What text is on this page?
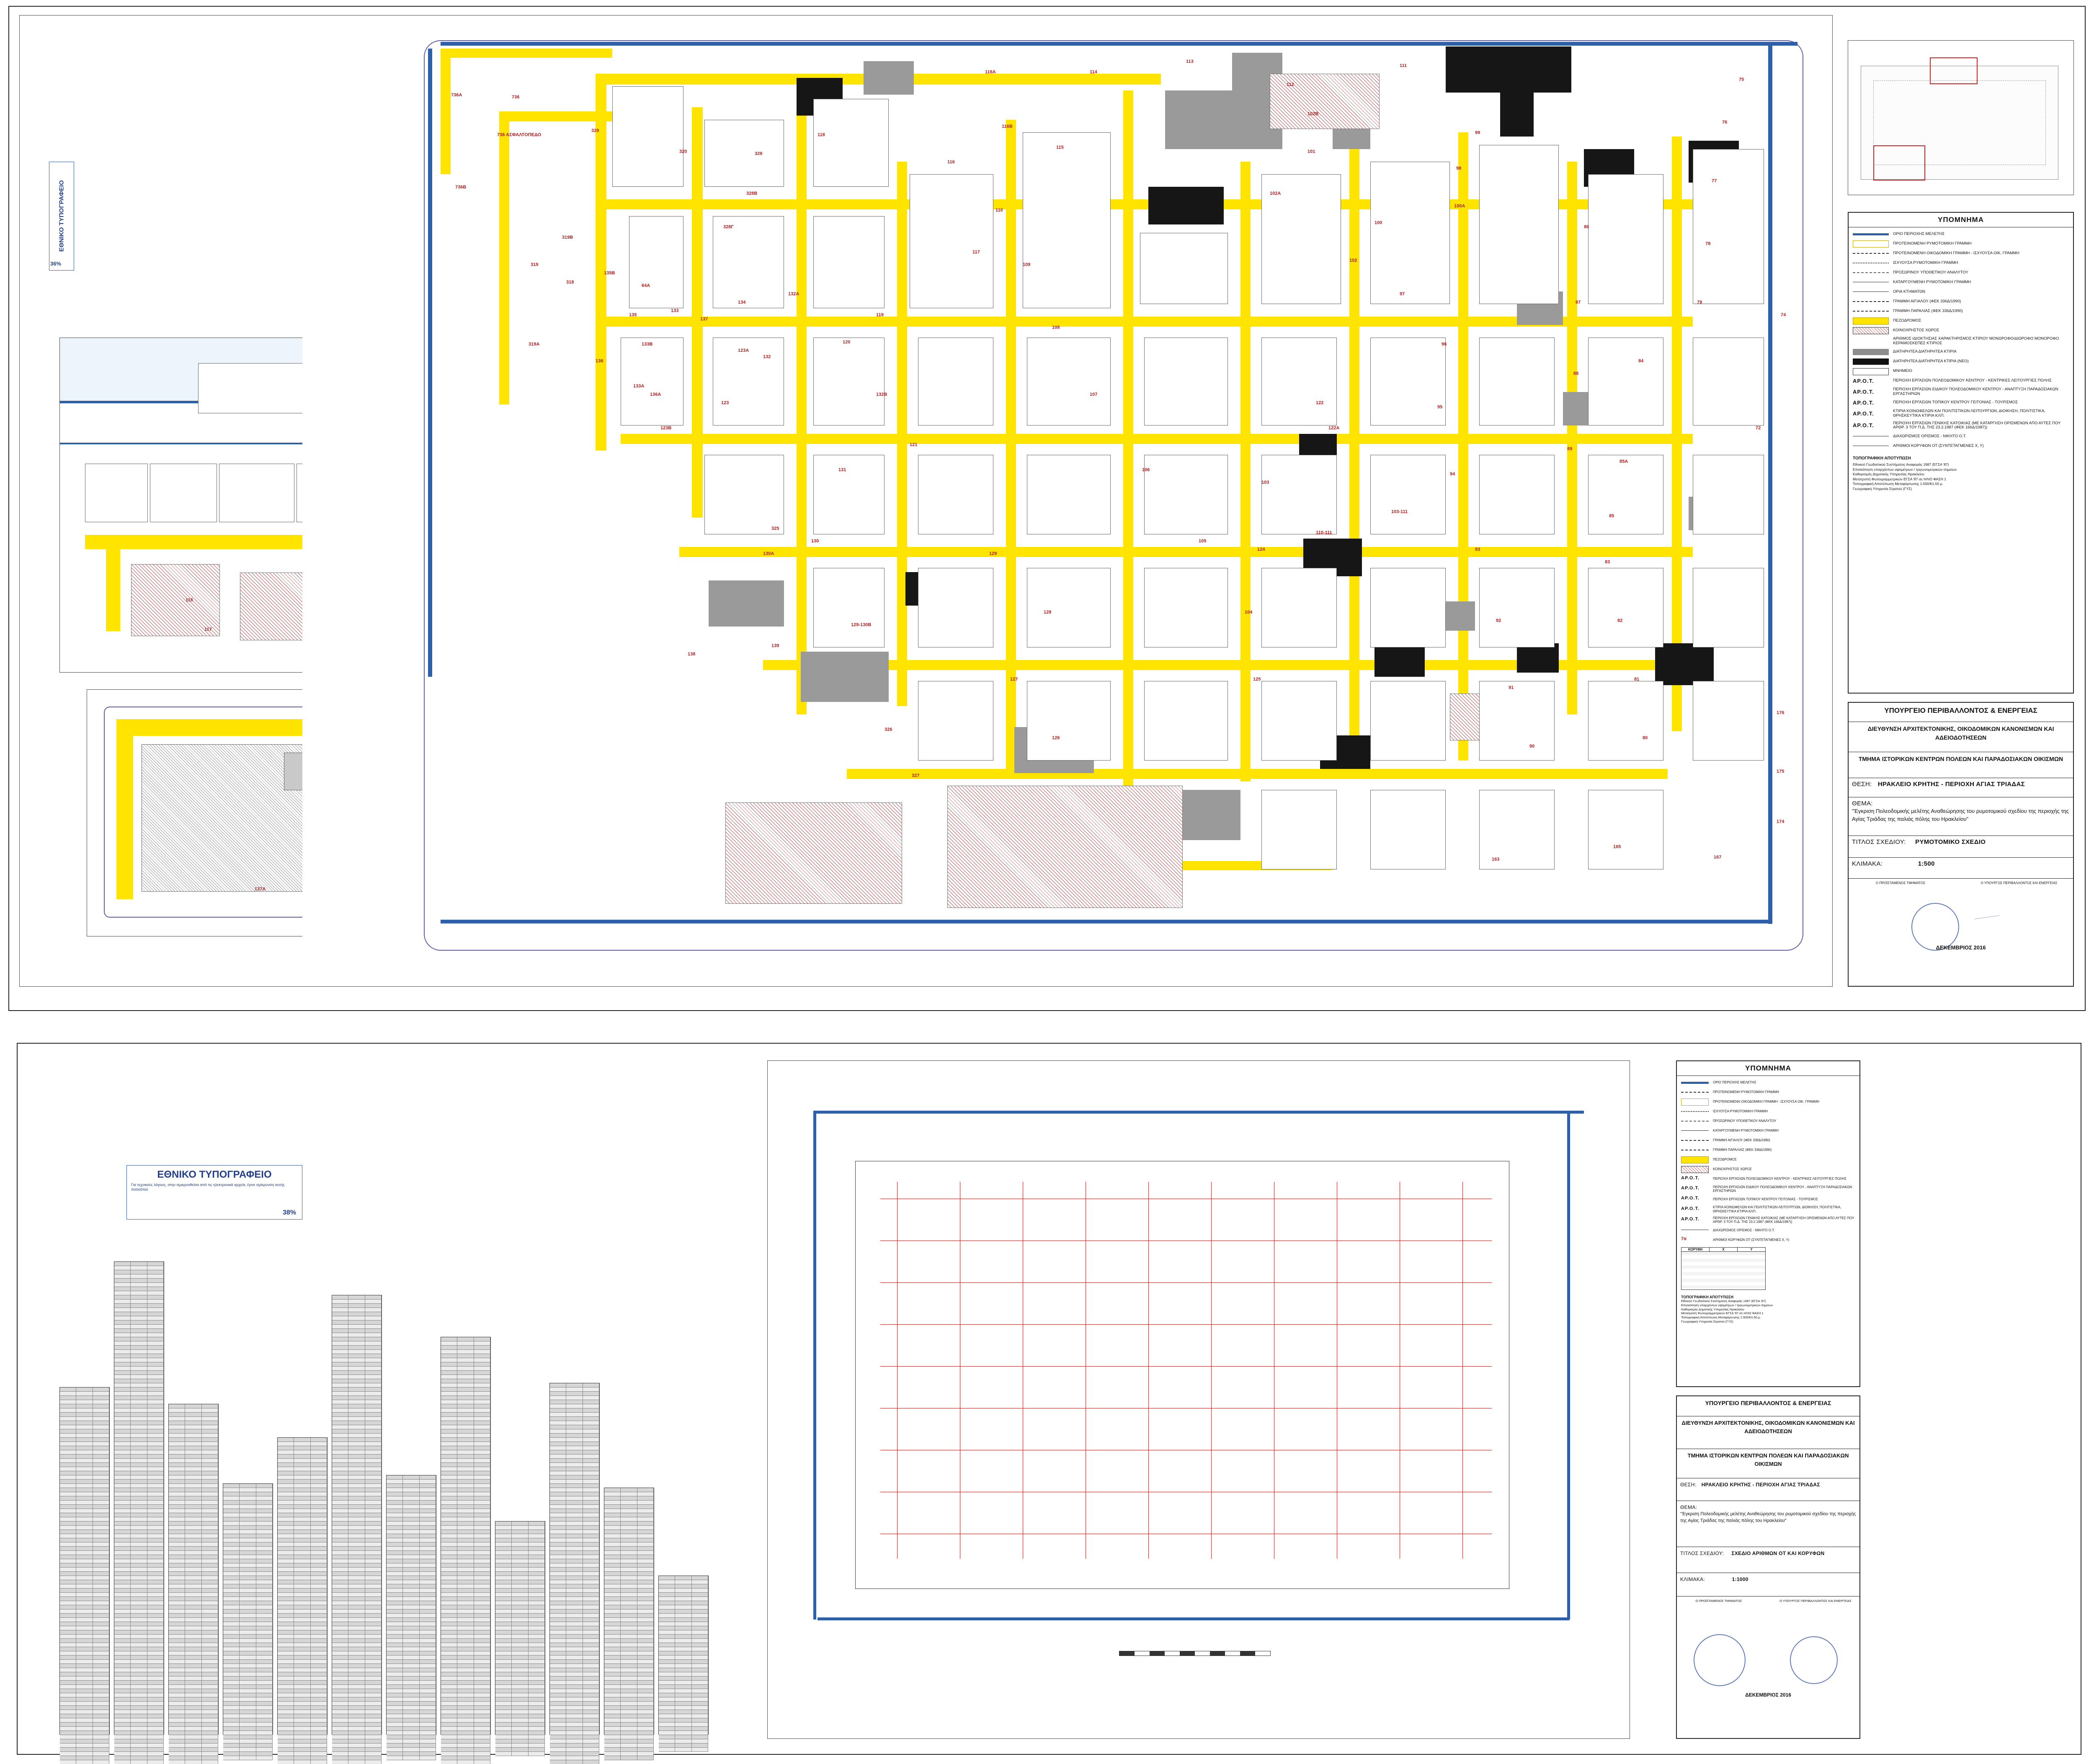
ΕΘΝΙΚΟ ΤΥΠΟΓΡΑΦΕΙΟ
36%
118
117
137Α
736
736Α
736Β
736 ΑΣΦΑΛΤΟΠΕΔΟ
329
328
328Β
328Γ
320
319
319Α
319Β
318
133
133Α
133Β
123
123Α
123Β
120
121
119
118
117
116
116Α
116Β
115
114
113
112
111
110
109
108
107
106
105
104
103
102
102Α
102Β
101
100
100Α
99
98
97
96
95
94
93
92
91
90
89
88
87
86
85
85Α
84
83
82
81
80
79
78
77
76
75
74
72
64Α
135
135Β
136
136Α
137
134
132
132Α
132Β
131
130
130Α	129
128
127
126
125
124
122
122Α
138
139
129-130Β
110-111
103-111
327
326
325
163
165
167
174
175
176
ΥΠΟΜΝΗΜΑ
ΟΡΙΟ ΠΕΡΙΟΧΗΣ ΜΕΛΕΤΗΣ
ΠΡΟΤΕΙΝΟΜΕΝΗ ΡΥΜΟΤΟΜΙΚΗ ΓΡΑΜΜΗ
ΠΡΟΤΕΙΝΟΜΕΝΗ ΟΙΚΟΔΟΜΙΚΗ ΓΡΑΜΜΗ - ΙΣΧΥΟΥΣΑ ΟΙΚ. ΓΡΑΜΜΗ
ΙΣΧΥΟΥΣΑ ΡΥΜΟΤΟΜΙΚΗ ΓΡΑΜΜΗ
ΠΡΟΣΩΡΙΝΟΥ ΥΠΟΘΕΤΙΚΟΥ ΑΝΑΛΥΤΟΥ
ΚΑΤΑΡΓΟΥΜΕΝΗ ΡΥΜΟΤΟΜΙΚΗ ΓΡΑΜΜΗ
ΟΡΙΑ ΚΤΗΜΑΤΩΝ
ΓΡΑΜΜΗ ΑΙΓΙΑΛΟΥ (ΦΕΚ 336Δ/1990)
ΓΡΑΜΜΗ ΠΑΡΑΛΙΑΣ (ΦΕΚ 336Δ/1990)
ΠΕΖΟΔΡΟΜΟΣ
ΚΟΙΝΟΧΡΗΣΤΟΣ ΧΩΡΟΣ
ΑΡΙΘΜΟΣ ΙΔΙΟΚΤΗΣΙΑΣ ΧΑΡΑΚΤΗΡΙΣΜΟΣ ΚΤΙΡΙΟΥ ΜΟΝΩΡΟΦΟ/ΔΙΩΡΟΦΟ ΜΟΝΟΡΟΦΟ ΚΕΡΑΜΟΣΚΕΠΕΣ ΚΤΙΡΙΟΣ
ΔΙΑΤΗΡΗΤΕΑ ΔΙΑΤΗΡΗΤΕΑ ΚΤΙΡΙΑ
ΔΙΑΤΗΡΗΤΕΑ ΔΙΑΤΗΡΗΤΕΑ ΚΤΙΡΙΑ (ΝΕΟ)
ΜΝΗΜΕΙΟ
ΑΡ.Ο.Τ.	ΠΕΡΙΟΧΗ ΕΡΓΑΣΙΩΝ ΠΟΛΕΟΔΟΜΙΚΟΥ ΚΕΝΤΡΟΥ - ΚΕΝΤΡΙΚΕΣ ΛΕΙΤΟΥΡΓΙΕΣ ΠΟΛΗΣ
ΑΡ.Ο.Τ.	ΠΕΡΙΟΧΗ ΕΡΓΑΣΙΩΝ ΕΙΔΙΚΟΥ ΠΟΛΕΟΔΟΜΙΚΟΥ ΚΕΝΤΡΟΥ - ΑΝΑΠΤΥΞΗ ΠΑΡΑΔΟΣΙΑΚΩΝ ΕΡΓΑΣΤΗΡΙΩΝ
ΑΡ.Ο.Τ.	ΠΕΡΙΟΧΗ ΕΡΓΑΣΙΩΝ ΤΟΠΙΚΟΥ ΚΕΝΤΡΟΥ ΓΕΙΤΟΝΙΑΣ - ΤΟΥΡΙΣΜΟΣ
ΑΡ.Ο.Τ.	ΚΤΙΡΙΑ ΚΟΙΝΩΦΕΛΩΝ ΚΑΙ ΠΟΛΙΤΙΣΤΙΚΩΝ ΛΕΙΤΟΥΡΓΙΩΝ, ΔΙΟΙΚΗΣΗ, ΠΟΛΙΤΙΣΤΙΚΑ, ΘΡΗΣΚΕΥΤΙΚΑ ΚΤΙΡΙΑ ΚΛΠ.
ΑΡ.Ο.Τ.	ΠΕΡΙΟΧΗ ΕΡΓΑΣΙΩΝ ΓΕΝΙΚΗΣ ΚΑΤΟΙΚΙΑΣ (ΜΕ ΚΑΤΑΡΓΗΣΗ ΟΡΙΣΜΕΝΩΝ ΑΠΟ ΑΥΤΕΣ ΠΟΥ ΑΡΘΡ. 3 ΤΟΥ Π.Δ. ΤΗΣ 23.2.1987 (ΦΕΚ 166Δ/1987))
ΔΙΑΧΩΡΙΣΜΟΣ ΟΡΙΣΜΟΣ - ΝΙΚΗΤΟ Ο.Τ.
ΑΡΙΘΜΟΙ ΚΟΡΥΦΩΝ ΟΤ (ΣΥΝΤΕΤΑΓΜΕΝΕΣ Χ, Υ)
ΤΟΠΟΓΡΑΦΙΚΗ ΑΠΟΤΥΠΩΣΗ
Εθνικού Γεωδαιτικού Συστήματος Αναφοράς 1987 (ΕΓΣΑ '87)
Επισκόπηση υπαρχόντων υψομέτρων / τριγωνομετρικών σημείων
Καθορισμός Δημοτικής Υπηρεσίας Ηρακλείου
Μετατροπή Φωτογραμμετρικών ΕΓΣΑ '87 σε ΗΛΙΟ ΦΑΣΗ 1
Τοπογραφική Αποτύπωση Μεταφόρτωσης 1:500/Κλ.50 μ.
Γεωγραφική Υπηρεσία Στρατού (ΓΥΣ)
ΥΠΟΥΡΓΕΙΟ ΠΕΡΙΒΑΛΛΟΝΤΟΣ & ΕΝΕΡΓΕΙΑΣ
ΔΙΕΥΘΥΝΣΗ ΑΡΧΙΤΕΚΤΟΝΙΚΗΣ, ΟΙΚΟΔΟΜΙΚΩΝ ΚΑΝΟΝΙΣΜΩΝ ΚΑΙ ΑΔΕΙΟΔΟΤΗΣΕΩΝ
ΤΜΗΜΑ ΙΣΤΟΡΙΚΩΝ ΚΕΝΤΡΩΝ ΠΟΛΕΩΝ ΚΑΙ ΠΑΡΑΔΟΣΙΑΚΩΝ ΟΙΚΙΣΜΩΝ
ΘΕΣΗ: ΗΡΑΚΛΕΙΟ ΚΡΗΤΗΣ - ΠΕΡΙΟΧΗ ΑΓΙΑΣ ΤΡΙΑΔΑΣ
ΘΕΜΑ:
"Έγκριση Πολεοδομικής μελέτης Αναθεώρησης του ρυμοτομικού σχεδίου της περιοχής της Αγίας Τριάδας της παλιάς πόλης του Ηρακλείου"
ΤΙΤΛΟΣ ΣΧΕΔΙΟΥ: ΡΥΜΟΤΟΜΙΚΟ ΣΧΕΔΙΟ
ΚΛΙΜΑΚΑ:	1:500
Ο ΠΡΟΪΣΤΑΜΕΝΟΣ ΤΜΗΜΑΤΟΣ	Ο ΥΠΟΥΡΓΟΣ ΠΕΡΙΒΑΛΛΟΝΤΟΣ ΚΑΙ ΕΝΕΡΓΕΙΑΣ
__________
ΔΕΚΕΜΒΡΙΟΣ 2016
ΕΘΝΙΚΟ ΤΥΠΟΓΡΑΦΕΙΟ
Για τεχνικούς λόγους, στην σμικρυνθείσα από τις ηλεκτρονικά αρχεία, έγινε σμίκρυνση αυτής ποσοστού
38%
ΥΠΟΜΝΗΜΑ
ΟΡΙΟ ΠΕΡΙΟΧΗΣ ΜΕΛΕΤΗΣ
ΠΡΟΤΕΙΝΟΜΕΝΗ ΡΥΜΟΤΟΜΙΚΗ ΓΡΑΜΜΗ
ΠΡΟΤΕΙΝΟΜΕΝΗ ΟΙΚΟΔΟΜΙΚΗ ΓΡΑΜΜΗ - ΙΣΧΥΟΥΣΑ ΟΙΚ. ΓΡΑΜΜΗ
ΙΣΧΥΟΥΣΑ ΡΥΜΟΤΟΜΙΚΗ ΓΡΑΜΜΗ
ΠΡΟΣΩΡΙΝΟΥ ΥΠΟΘΕΤΙΚΟΥ ΑΝΑΛΥΤΟΥ
ΚΑΤΑΡΓΟΥΜΕΝΗ ΡΥΜΟΤΟΜΙΚΗ ΓΡΑΜΜΗ
ΓΡΑΜΜΗ ΑΙΓΙΑΛΟΥ (ΦΕΚ 336Δ/1990)
ΓΡΑΜΜΗ ΠΑΡΑΛΙΑΣ (ΦΕΚ 336Δ/1990)
ΠΕΖΟΔΡΟΜΟΣ
ΚΟΙΝΟΧΡΗΣΤΟΣ ΧΩΡΟΣ
ΑΡ.Ο.Τ.	ΠΕΡΙΟΧΗ ΕΡΓΑΣΙΩΝ ΠΟΛΕΟΔΟΜΙΚΟΥ ΚΕΝΤΡΟΥ - ΚΕΝΤΡΙΚΕΣ ΛΕΙΤΟΥΡΓΙΕΣ ΠΟΛΗΣ
ΑΡ.Ο.Τ.	ΠΕΡΙΟΧΗ ΕΡΓΑΣΙΩΝ ΕΙΔΙΚΟΥ ΠΟΛΕΟΔΟΜΙΚΟΥ ΚΕΝΤΡΟΥ - ΑΝΑΠΤΥΞΗ ΠΑΡΑΔΟΣΙΑΚΩΝ ΕΡΓΑΣΤΗΡΙΩΝ
ΑΡ.Ο.Τ.	ΠΕΡΙΟΧΗ ΕΡΓΑΣΙΩΝ ΤΟΠΙΚΟΥ ΚΕΝΤΡΟΥ ΓΕΙΤΟΝΙΑΣ - ΤΟΥΡΙΣΜΟΣ
ΑΡ.Ο.Τ.	ΚΤΙΡΙΑ ΚΟΙΝΩΦΕΛΩΝ ΚΑΙ ΠΟΛΙΤΙΣΤΙΚΩΝ ΛΕΙΤΟΥΡΓΙΩΝ, ΔΙΟΙΚΗΣΗ, ΠΟΛΙΤΙΣΤΙΚΑ, ΘΡΗΣΚΕΥΤΙΚΑ ΚΤΙΡΙΑ ΚΛΠ.
ΑΡ.Ο.Τ.	ΠΕΡΙΟΧΗ ΕΡΓΑΣΙΩΝ ΓΕΝΙΚΗΣ ΚΑΤΟΙΚΙΑΣ (ΜΕ ΚΑΤΑΡΓΗΣΗ ΟΡΙΣΜΕΝΩΝ ΑΠΟ ΑΥΤΕΣ ΠΟΥ ΑΡΘΡ. 3 ΤΟΥ Π.Δ. ΤΗΣ 23.2.1987 (ΦΕΚ 166Δ/1987))
ΔΙΑΧΩΡΙΣΜΟΣ ΟΡΙΣΜΟΣ - ΝΙΚΗΤΟ Ο.Τ.
7α	ΑΡΙΘΜΟΙ ΚΟΡΥΦΩΝ ΟΤ (ΣΥΝΤΕΤΑΓΜΕΝΕΣ Χ, Υ)
ΚΟΡΥΦΗ	Χ	Υ
ΤΟΠΟΓΡΑΦΙΚΗ ΑΠΟΤΥΠΩΣΗ
Εθνικού Γεωδαιτικού Συστήματος Αναφοράς 1987 (ΕΓΣΑ '87)
Επισκόπηση υπαρχόντων υψομέτρων / τριγωνομετρικών σημείων
Καθορισμός Δημοτικής Υπηρεσίας Ηρακλείου
Μετατροπή Φωτογραμμετρικών ΕΓΣΑ '87 σε ΗΛΙΟ ΦΑΣΗ 1
Τοπογραφική Αποτύπωση Μεταφόρτωσης 1:500/Κλ.50 μ.
Γεωγραφική Υπηρεσία Στρατού (ΓΥΣ)
ΥΠΟΥΡΓΕΙΟ ΠΕΡΙΒΑΛΛΟΝΤΟΣ & ΕΝΕΡΓΕΙΑΣ
ΔΙΕΥΘΥΝΣΗ ΑΡΧΙΤΕΚΤΟΝΙΚΗΣ, ΟΙΚΟΔΟΜΙΚΩΝ ΚΑΝΟΝΙΣΜΩΝ ΚΑΙ ΑΔΕΙΟΔΟΤΗΣΕΩΝ
ΤΜΗΜΑ ΙΣΤΟΡΙΚΩΝ ΚΕΝΤΡΩΝ ΠΟΛΕΩΝ ΚΑΙ ΠΑΡΑΔΟΣΙΑΚΩΝ ΟΙΚΙΣΜΩΝ
ΘΕΣΗ: ΗΡΑΚΛΕΙΟ ΚΡΗΤΗΣ - ΠΕΡΙΟΧΗ ΑΓΙΑΣ ΤΡΙΑΔΑΣ
ΘΕΜΑ:
"Έγκριση Πολεοδομικής μελέτης Αναθεώρησης του ρυμοτομικού σχεδίου της περιοχής της Αγίας Τριάδας της παλιάς πόλης του Ηρακλείου"
ΤΙΤΛΟΣ ΣΧΕΔΙΟΥ: ΣΧΕΔΙΟ ΑΡΙΘΜΩΝ ΟΤ ΚΑΙ ΚΟΡΥΦΩΝ
ΚΛΙΜΑΚΑ:	1:1000
Ο ΠΡΟΪΣΤΑΜΕΝΟΣ ΤΜΗΜΑΤΟΣ	Ο ΥΠΟΥΡΓΟΣ ΠΕΡΙΒΑΛΛΟΝΤΟΣ ΚΑΙ ΕΝΕΡΓΕΙΑΣ
ΔΕΚΕΜΒΡΙΟΣ 2016
